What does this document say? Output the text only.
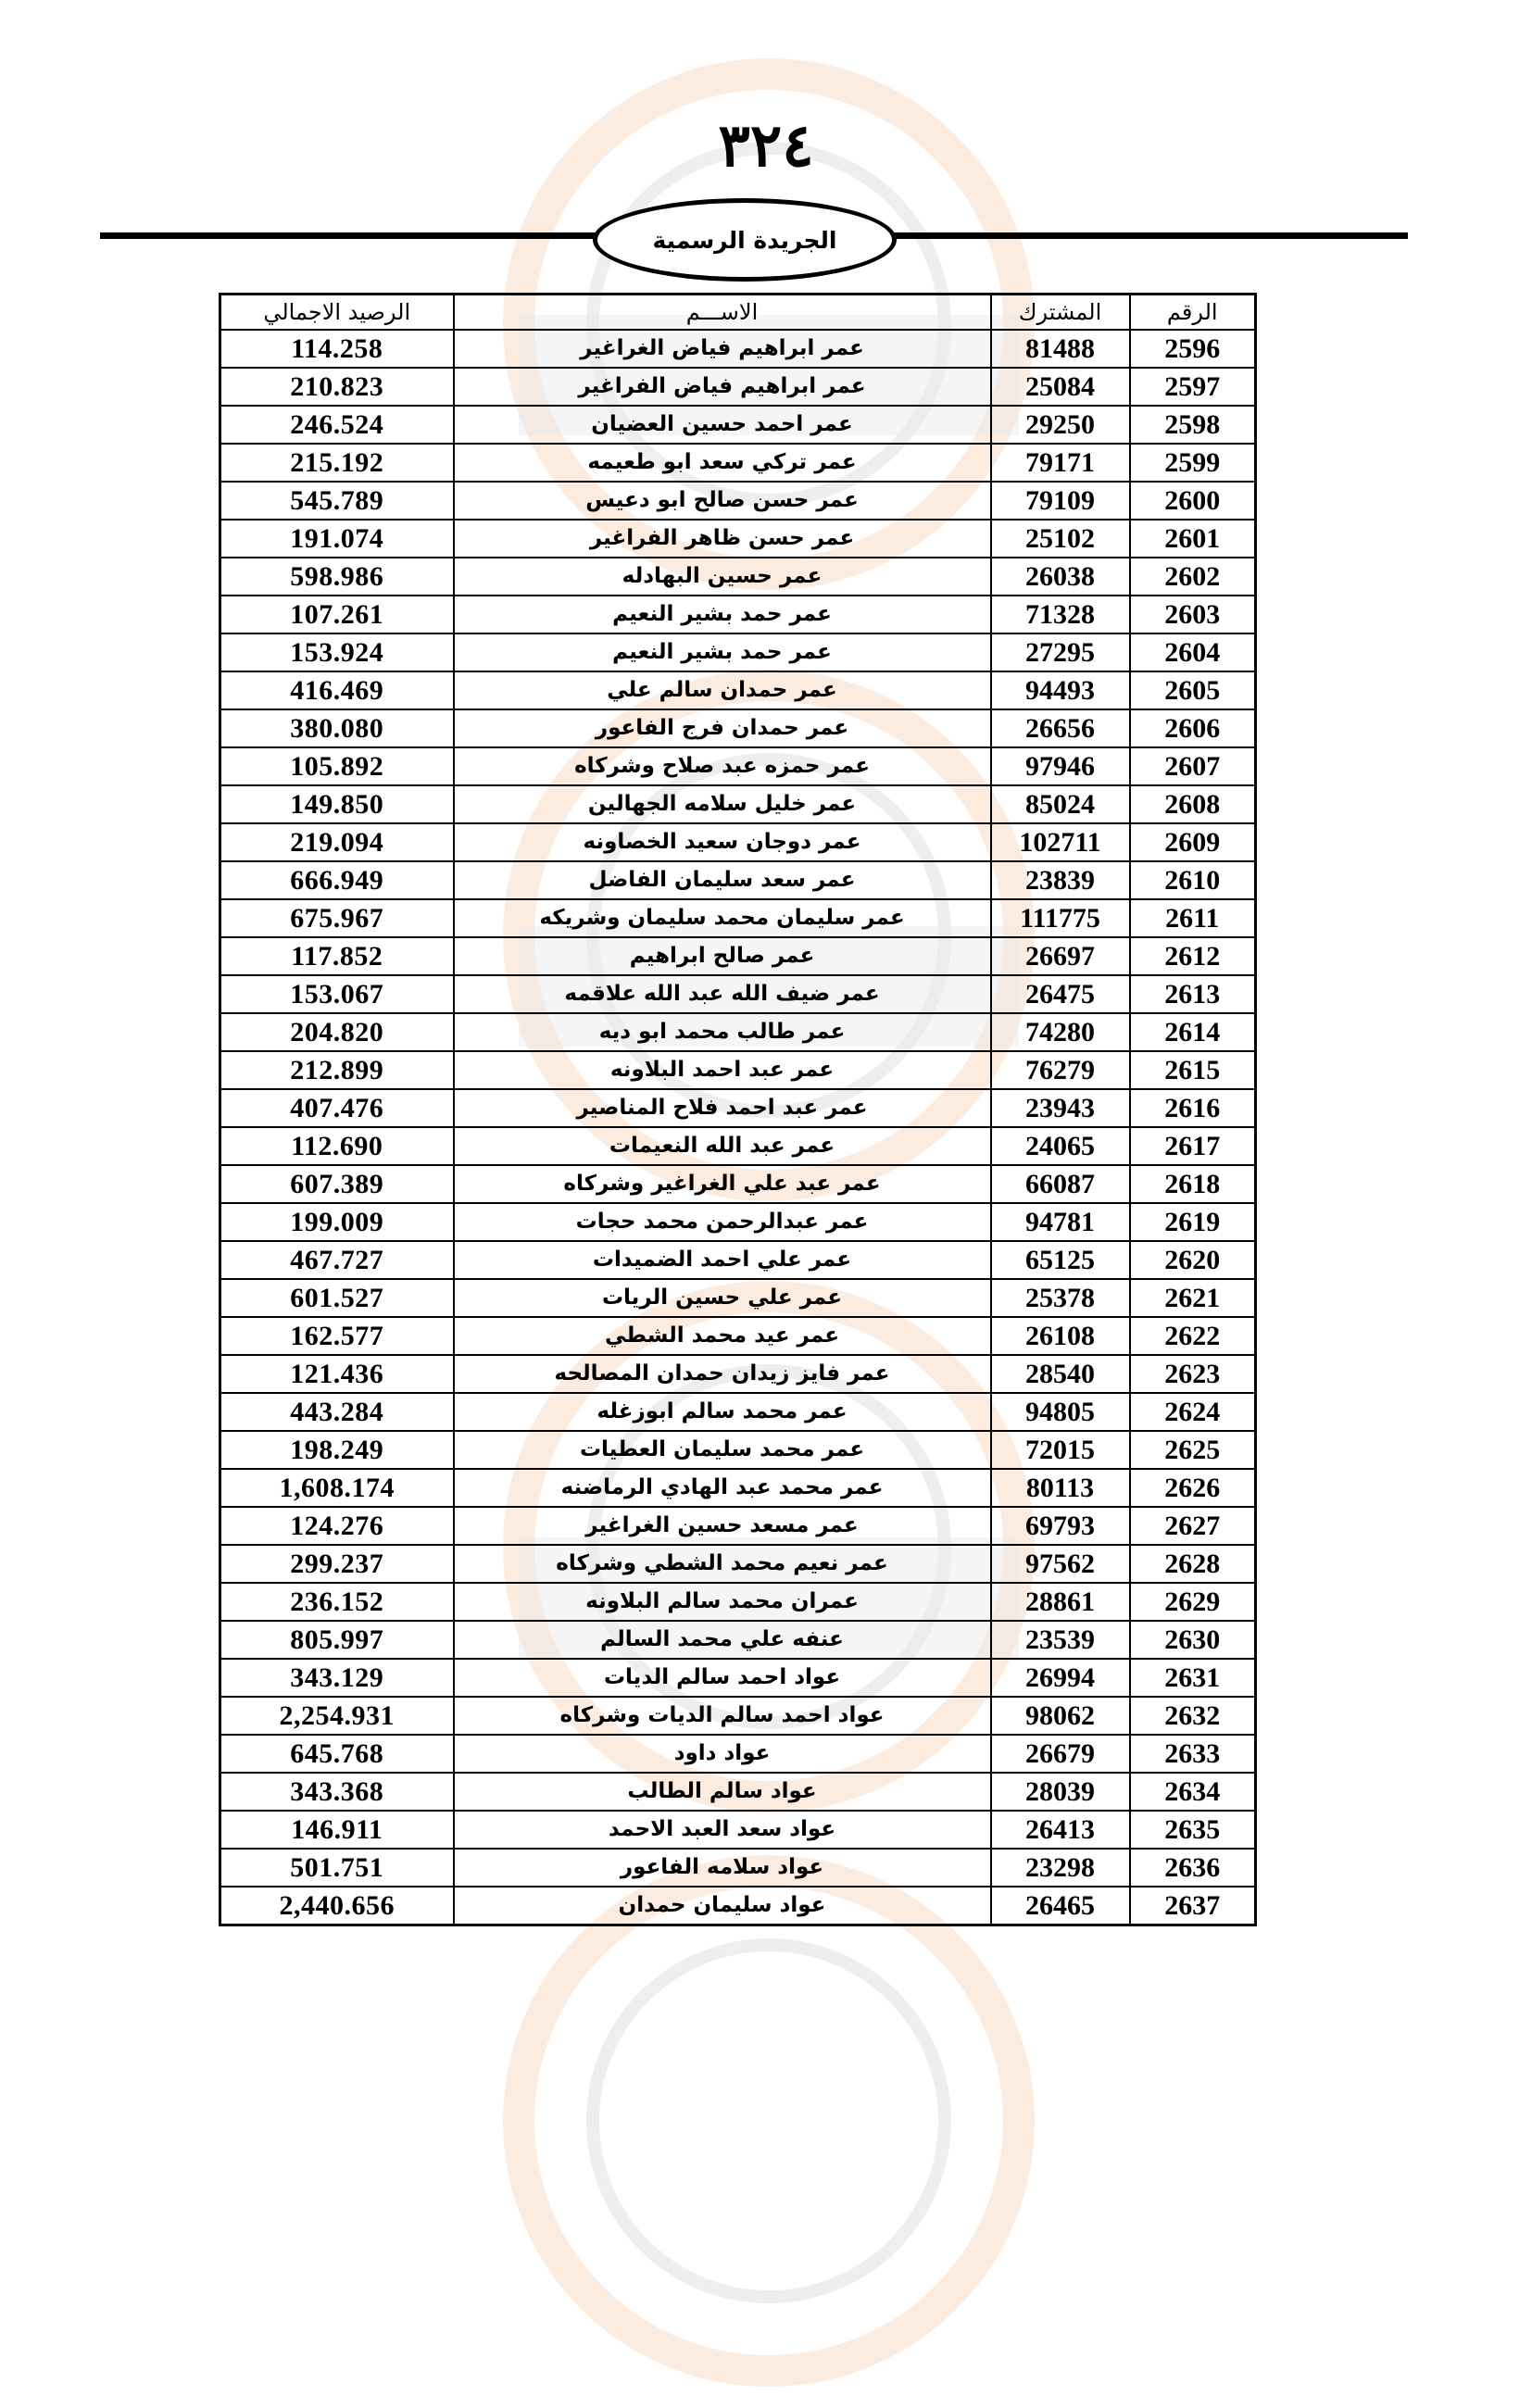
٣٢٤
الجريدة الرسمية
الرقم	المشترك	الاســـم	الرصيد الاجمالي
2596	81488	عمر ابراهيم فياض الغراغير	114.258
2597	25084	عمر ابراهيم فياض الفراغير	210.823
2598	29250	عمر احمد حسين العضيان	246.524
2599	79171	عمر تركي سعد ابو طعيمه	215.192
2600	79109	عمر حسن صالح ابو دعيس	545.789
2601	25102	عمر حسن ظاهر الفراغير	191.074
2602	26038	عمر حسين البهادله	598.986
2603	71328	عمر حمد بشير النعيم	107.261
2604	27295	عمر حمد بشير النعيم	153.924
2605	94493	عمر حمدان سالم علي	416.469
2606	26656	عمر حمدان فرج الفاعور	380.080
2607	97946	عمر حمزه عبد صلاح وشركاه	105.892
2608	85024	عمر خليل سلامه الجهالين	149.850
2609	102711	عمر دوجان سعيد الخصاونه	219.094
2610	23839	عمر سعد سليمان الفاضل	666.949
2611	111775	عمر سليمان محمد سليمان وشريكه	675.967
2612	26697	عمر صالح ابراهيم	117.852
2613	26475	عمر ضيف الله عبد الله علاقمه	153.067
2614	74280	عمر طالب محمد ابو ديه	204.820
2615	76279	عمر عبد احمد البلاونه	212.899
2616	23943	عمر عبد احمد فلاح المناصير	407.476
2617	24065	عمر عبد الله النعيمات	112.690
2618	66087	عمر عبد علي الغراغير وشركاه	607.389
2619	94781	عمر عبدالرحمن محمد حجات	199.009
2620	65125	عمر علي احمد الضميدات	467.727
2621	25378	عمر علي حسين الريات	601.527
2622	26108	عمر عيد محمد الشطي	162.577
2623	28540	عمر فايز زيدان حمدان المصالحه	121.436
2624	94805	عمر محمد سالم ابوزغله	443.284
2625	72015	عمر محمد سليمان العطيات	198.249
2626	80113	عمر محمد عبد الهادي الرماضنه	1,608.174
2627	69793	عمر مسعد حسين الغراغير	124.276
2628	97562	عمر نعيم محمد الشطي وشركاه	299.237
2629	28861	عمران محمد سالم البلاونه	236.152
2630	23539	عنفه علي محمد السالم	805.997
2631	26994	عواد احمد سالم الديات	343.129
2632	98062	عواد احمد سالم الديات وشركاه	2,254.931
2633	26679	عواد داود	645.768
2634	28039	عواد سالم الطالب	343.368
2635	26413	عواد سعد العبد الاحمد	146.911
2636	23298	عواد سلامه الفاعور	501.751
2637	26465	عواد سليمان حمدان	2,440.656
